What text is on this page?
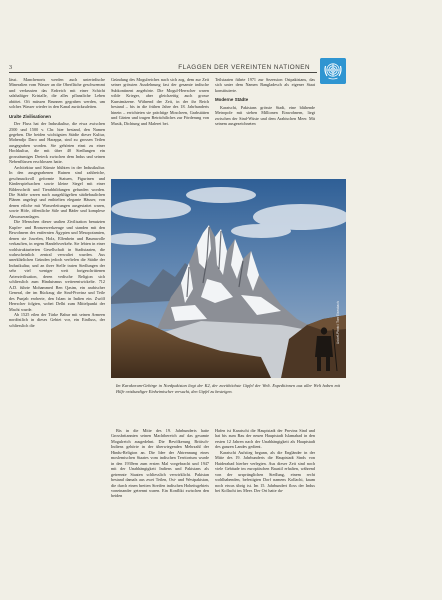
3	FLAGGEN DER VEREINTEN NATIONEN

lässt. Manchenorts werden auch unterirdische Mineralien vom Wasser an die Oberfläche geschwemmt und verkrusten das Erdreich mit einer Schicht salzhaltiger Kristalle, die alles pflanzliche Leben abtötet. Oft müssen Brunnen gegraben werden, um solches Wasser wieder in den Kanal zurückzuleiten.

Uralte Zivilisationen

Der Fluss hat der Industkultur, die etwa zwischen 2500 und 1500 v. Chr. hier bestand, den Namen gegeben. Die beiden wichtigsten Städte dieser Kultur, Mohendjo Daro und Harappa, sind zu grossen Teilen ausgegraben worden. Sie gehörten einst zu einer Hochkultur, die mit über 40 Siedlungen ein grossräumiges Dreieck zwischen dem Indus und seinen Nebenflüssen erschlossen hatte.

Architektur und Künste blühten in der Industkultur. In den ausgegrabenen Ruinen sind zahlreiche, geschmackvoll geformte Statuen, Figurinen und Kinderspielsachen sowie kleine Siegel mit einer Bilderschrift und Tierabbildungen gefunden worden. Die Städte waren nach ausgeklügelten städtebaulichen Plänen angelegt und enthielten elegante Häuser, von denen etliche mit Wasserleitungen ausgestattet waren, sowie Höfe, öffentliche Säle und Bäder und komplexe Abwasseranlagen.

Die Menschen dieser uralten Zivilisation benutzten Kupfer- und Bronzewerkzeuge und standen mit den Bewohnern des entfernten Ägypten und Mesopotamien, denen sie Juwelen, Holz, Elfenbein und Baumwolle verkauften, in regem Handelsverkehr. Sie lebten in einer wohlstrukturierten Gesellschaft in Stadtstaaten, die wahrscheinlich zentral verwaltet wurden. Aus unerklärlichen Gründen jedoch verfielen die Städte der Industkultur, und an ihrer Stelle traten Siedlungen der sehr viel weniger weit fortgeschrittenen Arierzivilisation, deren vedische Religion sich schliesslich zum Hinduismus weiterentwickelte. 712 A.D. führte Mohammed Ben Qasim, ein arabischer General, der im Rückzug die Sind-Provinz und Teile des Punjab eroberte, den Islam in Indien ein. Zwölf Herrscher folgten, wobei Delhi zum Mittelpunkt der Macht wurde.

Ab 1525 eilen der Türke Babur mit seinen Armeen nordöstlich in dieses Gebiet vor, ein Einfluss, der schliesslich die

Gründung des Mogulreiches nach sich zog, dem zur Zeit seiner grössten Ausdehnung fast der gesamte indische Subkontinent angehörte. Die Mogul-Herrscher waren wilde Krieger, aber gleichzeitig auch grosse Kunstmäzene. Während der Zeit, in der ihr Reich bestand – bis in die frühen Jahre des 18. Jahrhunderts hinein – errichteten sie prächtige Moscheen, Grabstätten und Gärten und trugen Beträchtliches zur Förderung von Musik, Dichtung und Malerei bei.

Teilstaaten führte 1971 zur Sezession Ostpakistans, das sich unter dem Namen Bangladesch als eigener Staat konstituierte.

Moderne Städte

Karatschi, Pakistans grösste Stadt, eine blühende Metropole mit sieben Millionen Einwohnern, liegt zwischen der Sind-Wüste und dem Arabischen Meer. Mit seinem ausgezeichneten

Unicef-Photo / Tom Eisenbach
Im Karakorum-Gebirge in Nordpakistan liegt der K2, der zweithöchste Gipfel der Welt. Expeditionen aus aller Welt haben mit Hilfe ortskundiger Einheimischer versucht, den Gipfel zu besteigen.

Bis in die Mitte des 19. Jahrhunderts hatte Grossbritannien seinen Machtbereich auf das gesamte Mogulreich ausgedehnt. Die Bevölkerung Britisch-Indiens gehörte in der überwiegenden Mehrzahl der Hindu-Religion an. Die Idee der Abtrennung eines moslemischen Staates vom indischen Territorium wurde in den 1930ern zum ersten Mal vorgebracht und 1947 mit der Unabhängigkeit Indiens und Pakistans als getrennte Staaten schliesslich verwirklicht. Pakistan bestand damals aus zwei Teilen, Ost- und Westpakistan, die durch einen breiten Streifen indischen Hoheitsgebiets voneinander getrennt waren. Ein Konflikt zwischen den beiden

Hafen ist Karatschi die Hauptstadt der Provinz Sind und hat bis zum Bau der neuen Hauptstadt Islamabad in den ersten 12 Jahren nach der Unabhängigkeit als Hauptstadt des ganzen Landes gedient.

Karatschi Aufstieg begann, als die Engländer in der Mitte des 19. Jahrhunderts die Hauptstadt Sinds von Haiderabad hierher verlegten. Aus dieser Zeit sind noch viele Gebäude im europäischen Baustil erhalten, während von der ursprünglichen Siedlung, einem recht wohlhabenden, befestigten Dorf namens Kollachi, kaum noch etwas übrig ist. Im 15. Jahrhundert floss der Indus bei Kollachi ins Meer. Der Ort hatte da-
